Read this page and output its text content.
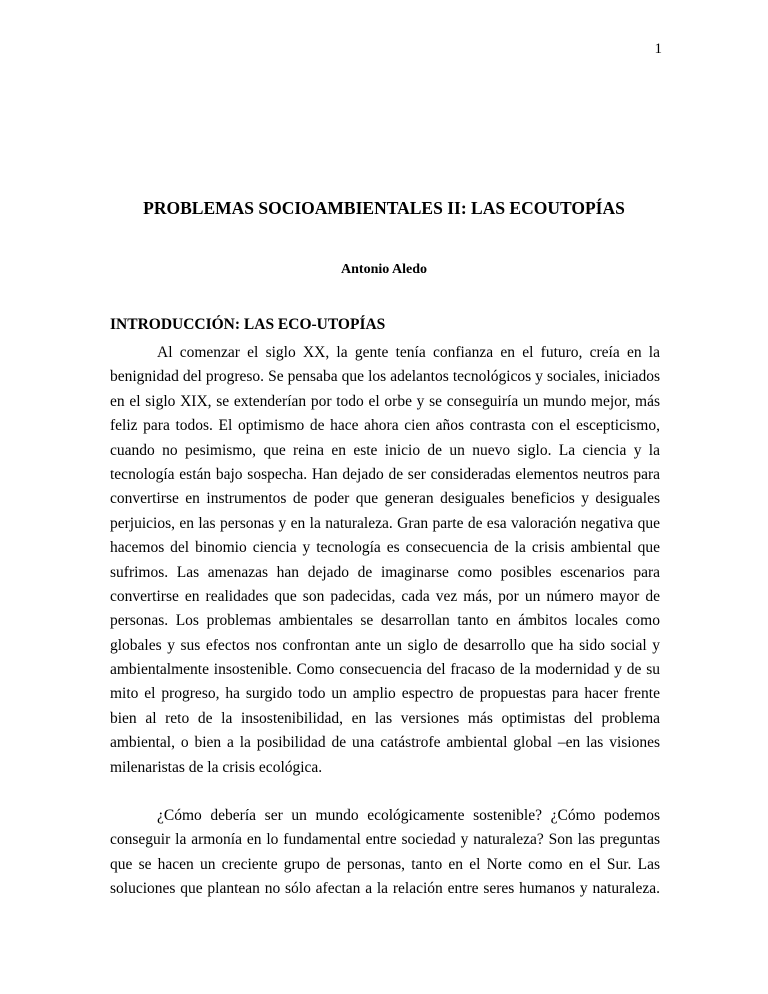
1
PROBLEMAS SOCIOAMBIENTALES II: LAS ECOUTOPÍAS
Antonio Aledo
INTRODUCCIÓN: LAS ECO-UTOPÍAS
Al comenzar el siglo XX, la gente tenía confianza en el futuro, creía en la
benignidad del progreso. Se pensaba que los adelantos tecnológicos y sociales, iniciados
en el siglo XIX, se extenderían por todo el orbe y se conseguiría un mundo mejor, más
feliz para todos. El optimismo de hace ahora cien años contrasta con el escepticismo,
cuando no pesimismo, que reina en este inicio de un nuevo siglo. La ciencia y la
tecnología están bajo sospecha. Han dejado de ser consideradas elementos neutros para
convertirse en instrumentos de poder que generan desiguales beneficios y desiguales
perjuicios, en las personas y en la naturaleza. Gran parte de esa valoración negativa que
hacemos del binomio ciencia y tecnología es consecuencia de la crisis ambiental que
sufrimos. Las amenazas han dejado de imaginarse como posibles escenarios para
convertirse en realidades que son padecidas, cada vez más, por un número mayor de
personas. Los problemas ambientales se desarrollan tanto en ámbitos locales como
globales y sus efectos nos confrontan ante un siglo de desarrollo que ha sido social y
ambientalmente insostenible. Como consecuencia del fracaso de la modernidad y de su
mito el progreso, ha surgido todo un amplio espectro de propuestas para hacer frente
bien al reto de la insostenibilidad, en las versiones más optimistas del problema
ambiental, o bien a la posibilidad de una catástrofe ambiental global –en las visiones
milenaristas de la crisis ecológica.
¿Cómo debería ser un mundo ecológicamente sostenible? ¿Cómo podemos
conseguir la armonía en lo fundamental entre sociedad y naturaleza? Son las preguntas
que se hacen un creciente grupo de personas, tanto en el Norte como en el Sur. Las
soluciones que plantean no sólo afectan a la relación entre seres humanos y naturaleza.
